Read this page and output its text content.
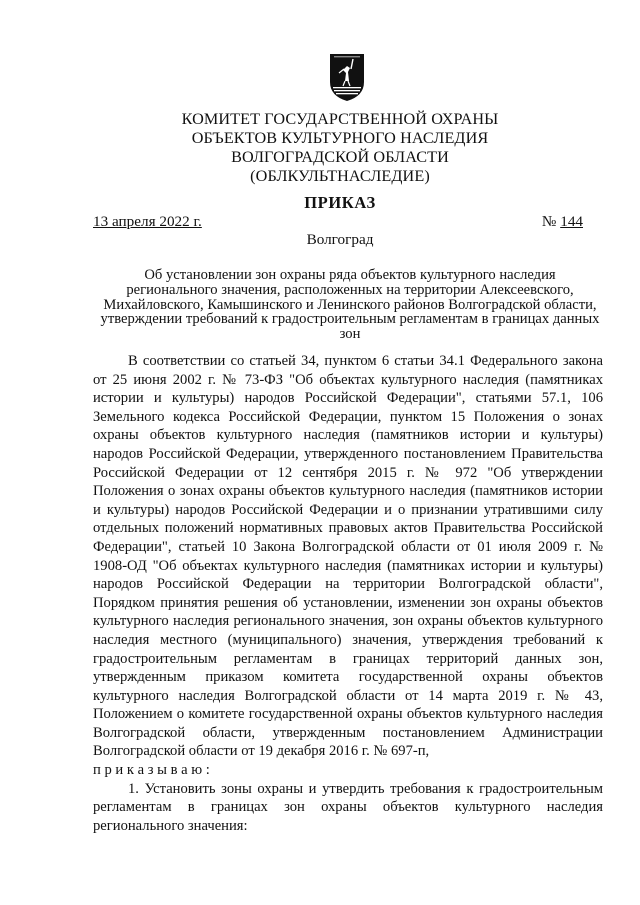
КОМИТЕТ ГОСУДАРСТВЕННОЙ ОХРАНЫ
ОБЪЕКТОВ КУЛЬТУРНОГО НАСЛЕДИЯ
ВОЛГОГРАДСКОЙ ОБЛАСТИ
(ОБЛКУЛЬТНАСЛЕДИЕ)
ПРИКАЗ
13 апреля 2022 г.	№ 144
Волгоград
Об установлении зон охраны ряда объектов культурного наследия регионального значения, расположенных на территории Алексеевского, Михайловского, Камышинского и Ленинского районов Волгоградской области, утверждении требований к градостроительным регламентам в границах данных зон

В соответствии со статьей 34, пунктом 6 статьи 34.1 Федерального закона от 25 июня 2002 г. № 73-ФЗ "Об объектах культурного наследия (памятниках истории и культуры) народов Российской Федерации", статьями 57.1, 106 Земельного кодекса Российской Федерации, пунктом 15 Положения о зонах охраны объектов культурного наследия (памятников истории и культуры) народов Российской Федерации, утвержденного постановлением Правительства Российской Федерации от 12 сентября 2015 г. № 972 "Об утверждении Положения о зонах охраны объектов культурного наследия (памятников истории и культуры) народов Российской Федерации и о признании утратившими силу отдельных положений нормативных правовых актов Правительства Российской Федерации", статьей 10 Закона Волгоградской области от 01 июля 2009 г. № 1908-ОД "Об объектах культурного наследия (памятниках истории и культуры) народов Российской Федерации на территории Волгоградской области", Порядком принятия решения об установлении, изменении зон охраны объектов культурного наследия регионального значения, зон охраны объектов культурного наследия местного (муниципального) значения, утверждения требований к градостроительным регламентам в границах территорий данных зон, утвержденным приказом комитета государственной охраны объектов культурного наследия Волгоградской области от 14 марта 2019 г. № 43, Положением о комитете государственной охраны объектов культурного наследия Волгоградской области, утвержденным постановлением Администрации Волгоградской области от 19 декабря 2016 г. № 697-п,

п р и к а з ы в а ю :

1. Установить зоны охраны и утвердить требования к градостроительным регламентам в границах зон охраны объектов культурного наследия регионального значения:
